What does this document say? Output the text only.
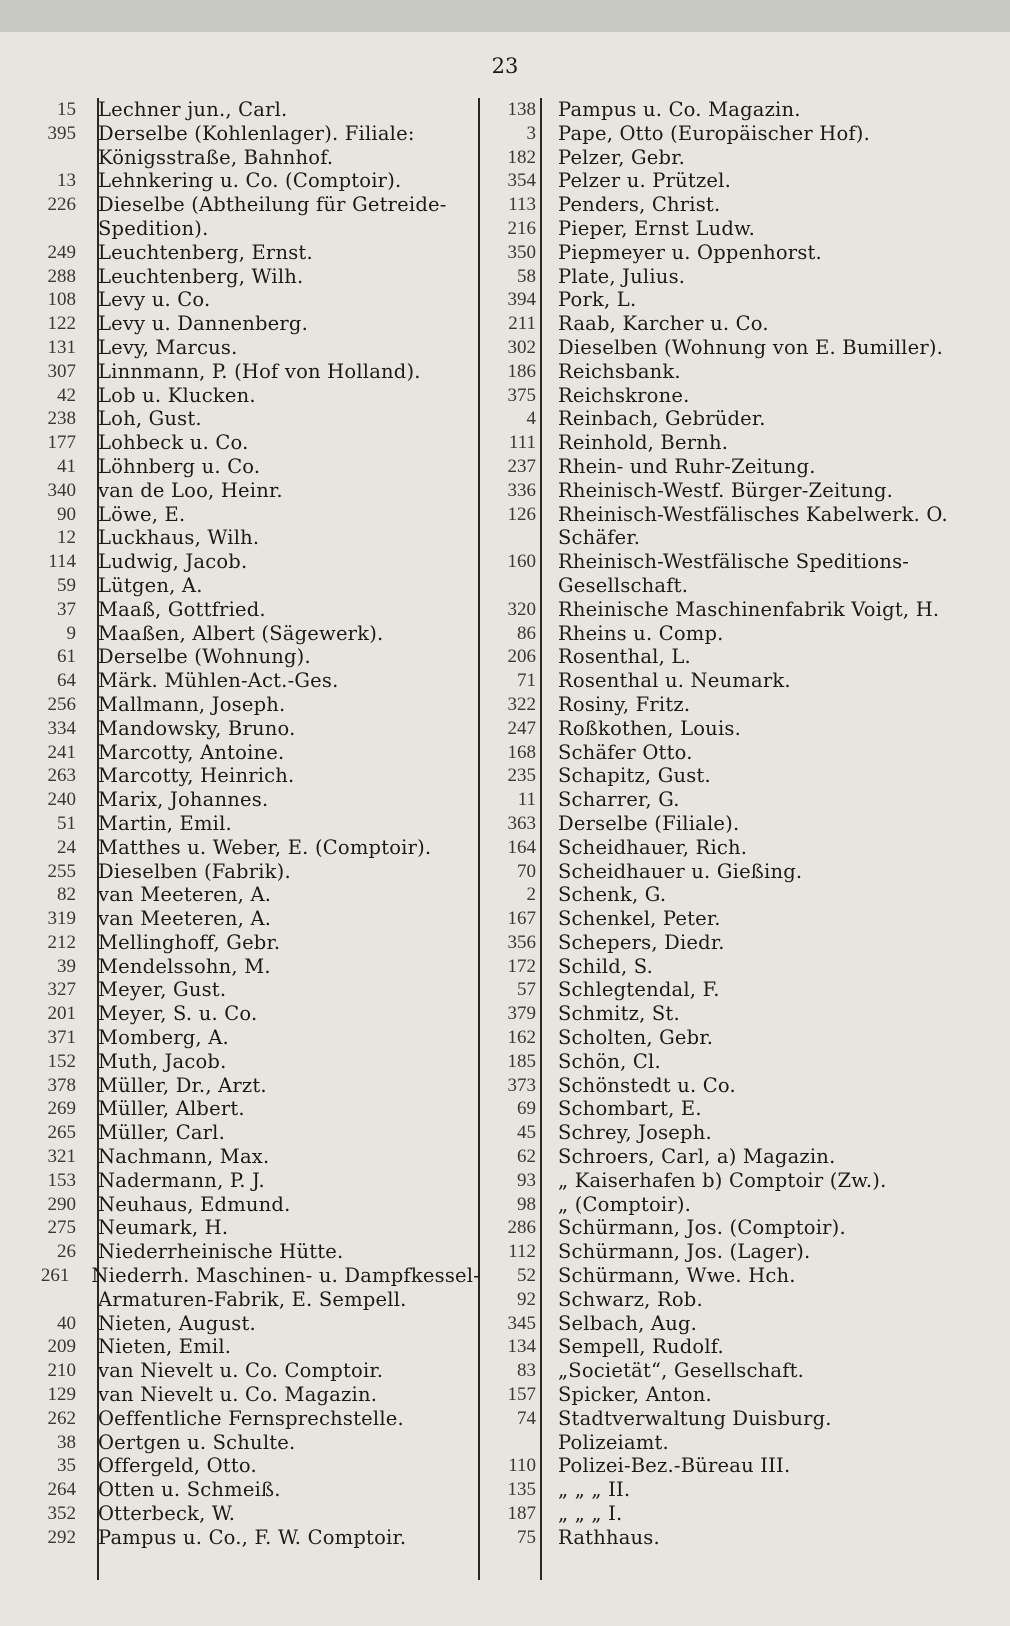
23
15	Lechner jun., Carl.
395	Derselbe (Kohlenlager). Filiale:
Königsstraße, Bahnhof.
13	Lehnkering u. Co. (Comptoir).
226	Dieselbe (Abtheilung für Getreide-
Spedition).
249	Leuchtenberg, Ernst.
288	Leuchtenberg, Wilh.
108	Levy u. Co.
122	Levy u. Dannenberg.
131	Levy, Marcus.
307	Linnmann, P. (Hof von Holland).
42	Lob u. Klucken.
238	Loh, Gust.
177	Lohbeck u. Co.
41	Löhnberg u. Co.
340	van de Loo, Heinr.
90	Löwe, E.
12	Luckhaus, Wilh.
114	Ludwig, Jacob.
59	Lütgen, A.
37	Maaß, Gottfried.
9	Maaßen, Albert (Sägewerk).
61	Derselbe (Wohnung).
64	Märk. Mühlen-Act.-Ges.
256	Mallmann, Joseph.
334	Mandowsky, Bruno.
241	Marcotty, Antoine.
263	Marcotty, Heinrich.
240	Marix, Johannes.
51	Martin, Emil.
24	Matthes u. Weber, E. (Comptoir).
255	Dieselben (Fabrik).
82	van Meeteren, A.
319	van Meeteren, A.
212	Mellinghoff, Gebr.
39	Mendelssohn, M.
327	Meyer, Gust.
201	Meyer, S. u. Co.
371	Momberg, A.
152	Muth, Jacob.
378	Müller, Dr., Arzt.
269	Müller, Albert.
265	Müller, Carl.
321	Nachmann, Max.
153	Nadermann, P. J.
290	Neuhaus, Edmund.
275	Neumark, H.
26	Niederrheinische Hütte.
261	Niederrh. Maschinen- u. Dampfkessel-
Armaturen-Fabrik, E. Sempell.
40	Nieten, August.
209	Nieten, Emil.
210	van Nievelt u. Co. Comptoir.
129	van Nievelt u. Co. Magazin.
262	Oeffentliche Fernsprechstelle.
38	Oertgen u. Schulte.
35	Offergeld, Otto.
264	Otten u. Schmeiß.
352	Otterbeck, W.
292	Pampus u. Co., F. W. Comptoir.
138	Pampus u. Co. Magazin.
3	Pape, Otto (Europäischer Hof).
182	Pelzer, Gebr.
354	Pelzer u. Prützel.
113	Penders, Christ.
216	Pieper, Ernst Ludw.
350	Piepmeyer u. Oppenhorst.
58	Plate, Julius.
394	Pork, L.
211	Raab, Karcher u. Co.
302	Dieselben (Wohnung von E. Bumiller).
186	Reichsbank.
375	Reichskrone.
4	Reinbach, Gebrüder.
111	Reinhold, Bernh.
237	Rhein- und Ruhr-Zeitung.
336	Rheinisch-Westf. Bürger-Zeitung.
126	Rheinisch-Westfälisches Kabelwerk. O.
Schäfer.
160	Rheinisch-Westfälische Speditions-
Gesellschaft.
320	Rheinische Maschinenfabrik Voigt, H.
86	Rheins u. Comp.
206	Rosenthal, L.
71	Rosenthal u. Neumark.
322	Rosiny, Fritz.
247	Roßkothen, Louis.
168	Schäfer Otto.
235	Schapitz, Gust.
11	Scharrer, G.
363	Derselbe (Filiale).
164	Scheidhauer, Rich.
70	Scheidhauer u. Gießing.
2	Schenk, G.
167	Schenkel, Peter.
356	Schepers, Diedr.
172	Schild, S.
57	Schlegtendal, F.
379	Schmitz, St.
162	Scholten, Gebr.
185	Schön, Cl.
373	Schönstedt u. Co.
69	Schombart, E.
45	Schrey, Joseph.
62	Schroers, Carl, a) Magazin.
93	„ Kaiserhafen b) Comptoir (Zw.).
98	„ (Comptoir).
286	Schürmann, Jos. (Comptoir).
112	Schürmann, Jos. (Lager).
52	Schürmann, Wwe. Hch.
92	Schwarz, Rob.
345	Selbach, Aug.
134	Sempell, Rudolf.
83	„Societät“, Gesellschaft.
157	Spicker, Anton.
74	Stadtverwaltung Duisburg.
Polizeiamt.
110	Polizei-Bez.-Büreau III.
135	„ „ „ II.
187	„ „ „ I.
75	Rathhaus.
